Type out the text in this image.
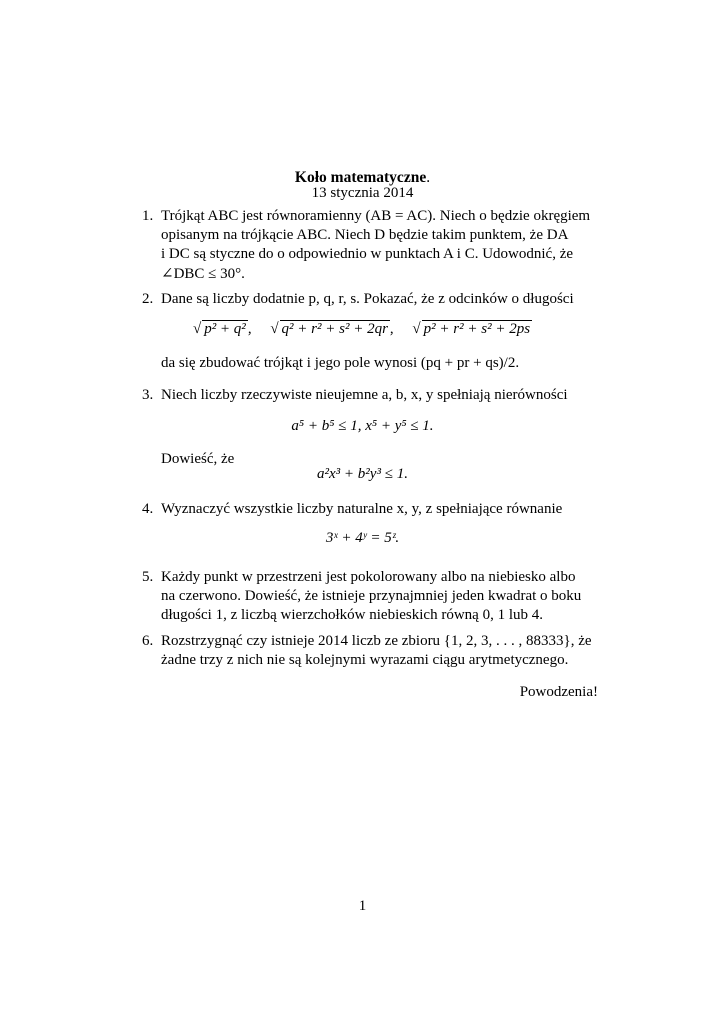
Koło matematyczne.
13 stycznia 2014
1. Trójkąt ABC jest równoramienny (AB = AC). Niech o będzie okręgiem

opisanym na trójkącie ABC. Niech D będzie takim punktem, że DA

i DC są styczne do o odpowiednio w punktach A i C. Udowodnić, że

∠DBC ≤ 30°.

2. Dane są liczby dodatnie p, q, r, s. Pokazać, że z odcinków o długości

√ p² + q² , √ q² + r² + s² + 2qr , √ p² + r² + s² + 2ps

da się zbudować trójkąt i jego pole wynosi (pq + pr + qs)/2.

3. Niech liczby rzeczywiste nieujemne a, b, x, y spełniają nierówności

a⁵ + b⁵ ≤ 1, x⁵ + y⁵ ≤ 1.

Dowieść, że

a²x³ + b²y³ ≤ 1.
4. Wyznaczyć wszystkie liczby naturalne x, y, z spełniające równanie

3ˣ + 4ʸ = 5ᶻ.
5. Każdy punkt w przestrzeni jest pokolorowany albo na niebiesko albo

na czerwono. Dowieść, że istnieje przynajmniej jeden kwadrat o boku

długości 1, z liczbą wierzchołków niebieskich równą 0, 1 lub 4.

6. Rozstrzygnąć czy istnieje 2014 liczb ze zbioru {1, 2, 3, . . . , 88333}, że

żadne trzy z nich nie są kolejnymi wyrazami ciągu arytmetycznego.

Powodzenia!
1
